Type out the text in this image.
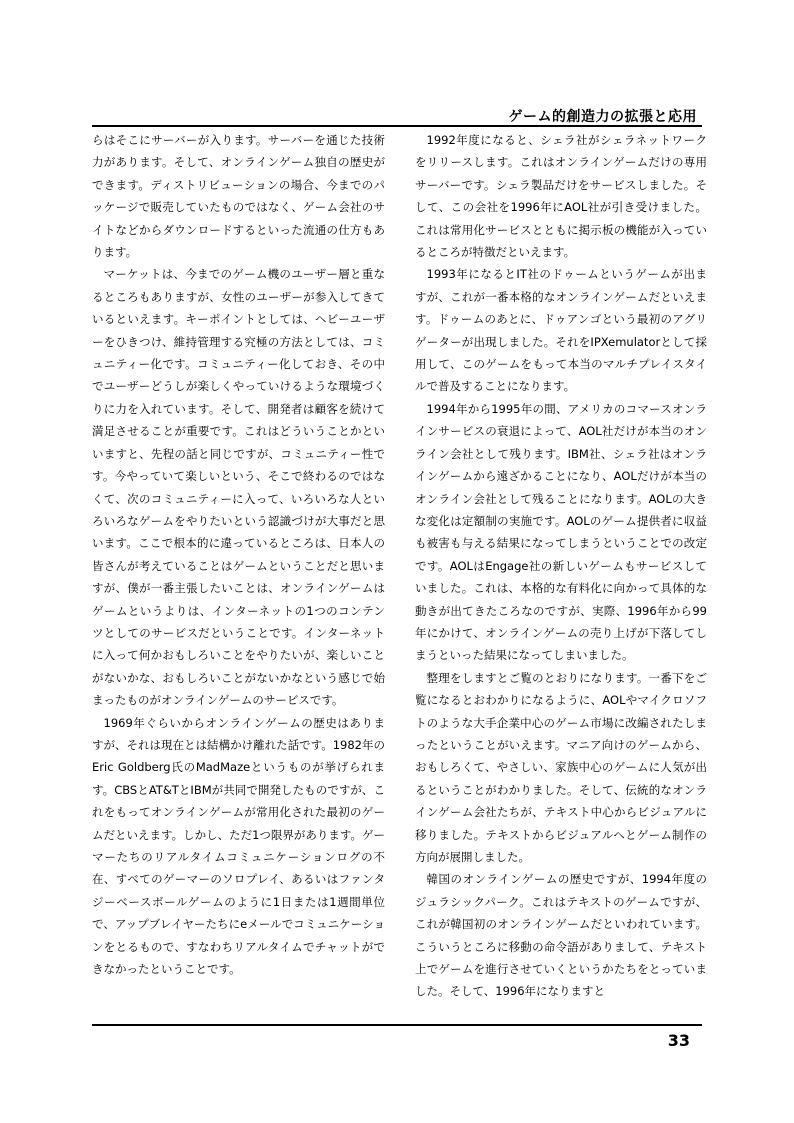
ゲーム的創造力の拡張と応用

らはそこにサーバーが入ります。サーバーを通じた技術力があります。そして、オンラインゲーム独自の歴史ができます。ディストリビューションの場合、今までのパッケージで販売していたものではなく、ゲーム会社のサイトなどからダウンロードするといった流通の仕方もあります。

マーケットは、今までのゲーム機のユーザー層と重なるところもありますが、女性のユーザーが参入してきているといえます。キーポイントとしては、ヘビーユーザーをひきつけ、維持管理する究極の方法としては、コミュニティー化です。コミュニティー化しておき、その中でユーザーどうしが楽しくやっていけるような環境づくりに力を入れています。そして、開発者は顧客を続けて満足させることが重要です。これはどういうことかといいますと、先程の話と同じですが、コミュニティー性です。今やっていて楽しいという、そこで終わるのではなくて、次のコミュニティーに入って、いろいろな人といろいろなゲームをやりたいという認識づけが大事だと思います。ここで根本的に違っているところは、日本人の皆さんが考えていることはゲームということだと思いますが、僕が一番主張したいことは、オンラインゲームはゲームというよりは、インターネットの1つのコンテンツとしてのサービスだということです。インターネットに入って何かおもしろいことをやりたいが、楽しいことがないかな、おもしろいことがないかなという感じで始まったものがオンラインゲームのサービスです。

1969年ぐらいからオンラインゲームの歴史はありますが、それは現在とは結構かけ離れた話です。1982年のEric Goldberg氏のMadMazeというものが挙げられます。CBSとAT&TとIBMが共同で開発したものですが、これをもってオンラインゲームが常用化された最初のゲームだといえます。しかし、ただ1つ限界があります。ゲーマーたちのリアルタイムコミュニケーションログの不在、すべてのゲーマーのソロプレイ、あるいはファンタジーベースボールゲームのように1日または1週間単位で、アップブレイヤーたちにeメールでコミュニケーションをとるもので、すなわちリアルタイムでチャットができなかったということです。

1992年度になると、シェラ社がシェラネットワークをリリースします。これはオンラインゲームだけの専用サーバーです。シェラ製品だけをサービスしました。そして、この会社を1996年にAOL社が引き受けました。これは常用化サービスとともに掲示板の機能が入っているところが特徴だといえます。

1993年になるとIT社のドゥームというゲームが出ますが、これが一番本格的なオンラインゲームだといえます。ドゥームのあとに、ドゥアンゴという最初のアグリゲーターが出現しました。それをIPXemulatorとして採用して、このゲームをもって本当のマルチプレイスタイルで普及することになります。

1994年から1995年の間、アメリカのコマースオンラインサービスの衰退によって、AOL社だけが本当のオンライン会社として残ります。IBM社、シェラ社はオンラインゲームから遠ざかることになり、AOLだけが本当のオンライン会社として残ることになります。AOLの大きな変化は定額制の実施です。AOLのゲーム提供者に収益も被害も与える結果になってしまうということでの改定です。AOLはEngage社の新しいゲームもサービスしていました。これは、本格的な有料化に向かって具体的な動きが出てきたころなのですが、実際、1996年から99年にかけて、オンラインゲームの売り上げが下落してしまうといった結果になってしまいました。

整理をしますとご覧のとおりになります。一番下をご覧になるとおわかりになるように、AOLやマイクロソフトのような大手企業中心のゲーム市場に改編されたしまったということがいえます。マニア向けのゲームから、おもしろくて、やさしい、家族中心のゲームに人気が出るということがわかりました。そして、伝統的なオンラインゲーム会社たちが、テキスト中心からビジュアルに移りました。テキストからビジュアルへとゲーム制作の方向が展開しました。

韓国のオンラインゲームの歴史ですが、1994年度のジュラシックパーク。これはテキストのゲームですが、これが韓国初のオンラインゲームだといわれています。こういうところに移動の命令語がありまして、テキスト上でゲームを進行させていくというかたちをとっていました。そして、1996年になりますと

33
